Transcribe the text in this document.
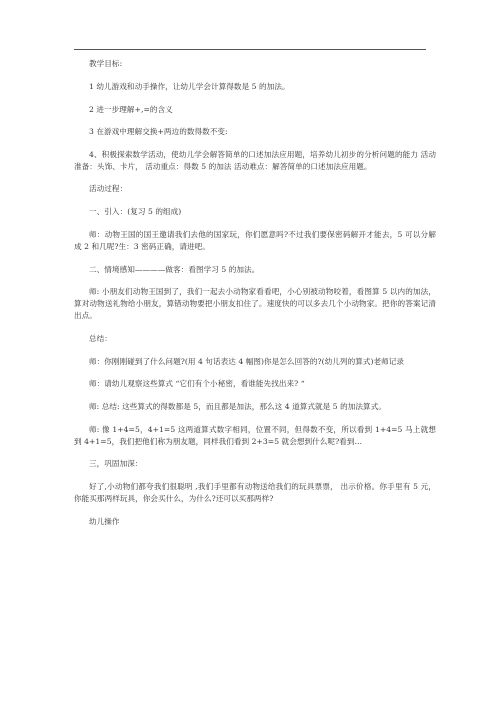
教学目标:

1 幼儿游戏和动手操作，让幼儿学会计算得数是 5 的加法。

2 进一步理解+,=的含义

3 在游戏中理解交换+两边的数得数不变:

4、积极探索数学活动，使幼儿学会解答简单的口述加法应用题，培养幼儿初步的分析问题的能力 活动准备：头饰、卡片， 活动重点：得数 5 的加法 活动难点：解答简单的口述加法应用题。

活动过程：

一、引入：(复习 5 的组成)

师：动物王国的国王邀请我们去他的国家玩，你们愿意吗?不过我们要保密码解开才能去，5 可以分解成 2 和几呢?生：3 密码正确，请进吧。

二、情境感知————做客：看图学习 5 的加法。

师: 小朋友们动物王国到了，我们一起去小动物家看看吧，小心别被动物咬着，看图算 5 以内的加法，算对动物送礼物给小朋友，算错动物要把小朋友扣住了。速度快的可以多去几个小动物家。把你的答案记清出点。

总结：

师：你刚刚碰到了什么问题?(用 4 句话表达 4 幅图)你是怎么回答的?(幼儿列的算式)老师记录

师：请幼儿观察这些算式 “它们有个小秘密，看谁能先找出来? “

师: 总结: 这些算式的得数都是 5，而且都是加法，那么这 4 道算式就是 5 的加法算式。

师: 像 1+4=5，4+1=5 这两道算式数字相同，位置不同，但得数不变，所以看到 1+4=5 马上就想到 4+1=5，我们把他们称为朋友题，同样我们看到 2+3=5 就会想到什么呢?看到…

三，巩固加深：

好了,小动物们都夸我们很聪明 ,我们手里都有动物送给我们的玩具票票， 出示价格。你手里有 5 元，你能买那两样玩具，你会买什么，为什么?还可以买那两样?

幼儿操作
